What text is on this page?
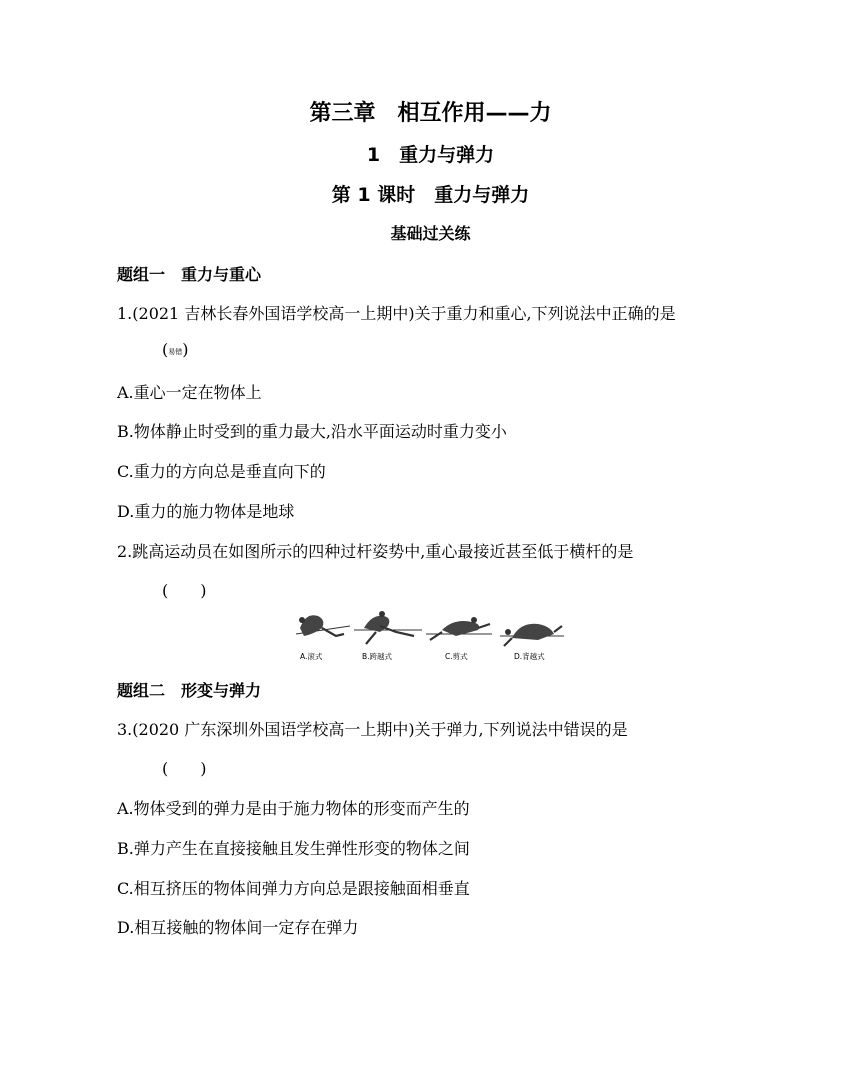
第三章　相互作用——力
1　重力与弹力
第 1 课时　重力与弹力
基础过关练
题组一　重力与重心
1.(2021 吉林长春外国语学校高一上期中)关于重力和重心,下列说法中正确的是
(易错)
A.重心一定在物体上
B.物体静止时受到的重力最大,沿水平面运动时重力变小
C.重力的方向总是垂直向下的
D.重力的施力物体是地球
2.跳高运动员在如图所示的四种过杆姿势中,重心最接近甚至低于横杆的是
(　　)
A.滚式	B.跨越式	C.剪式	D.背越式
题组二　形变与弹力
3.(2020 广东深圳外国语学校高一上期中)关于弹力,下列说法中错误的是
(　　)
A.物体受到的弹力是由于施力物体的形变而产生的
B.弹力产生在直接接触且发生弹性形变的物体之间
C.相互挤压的物体间弹力方向总是跟接触面相垂直
D.相互接触的物体间一定存在弹力
